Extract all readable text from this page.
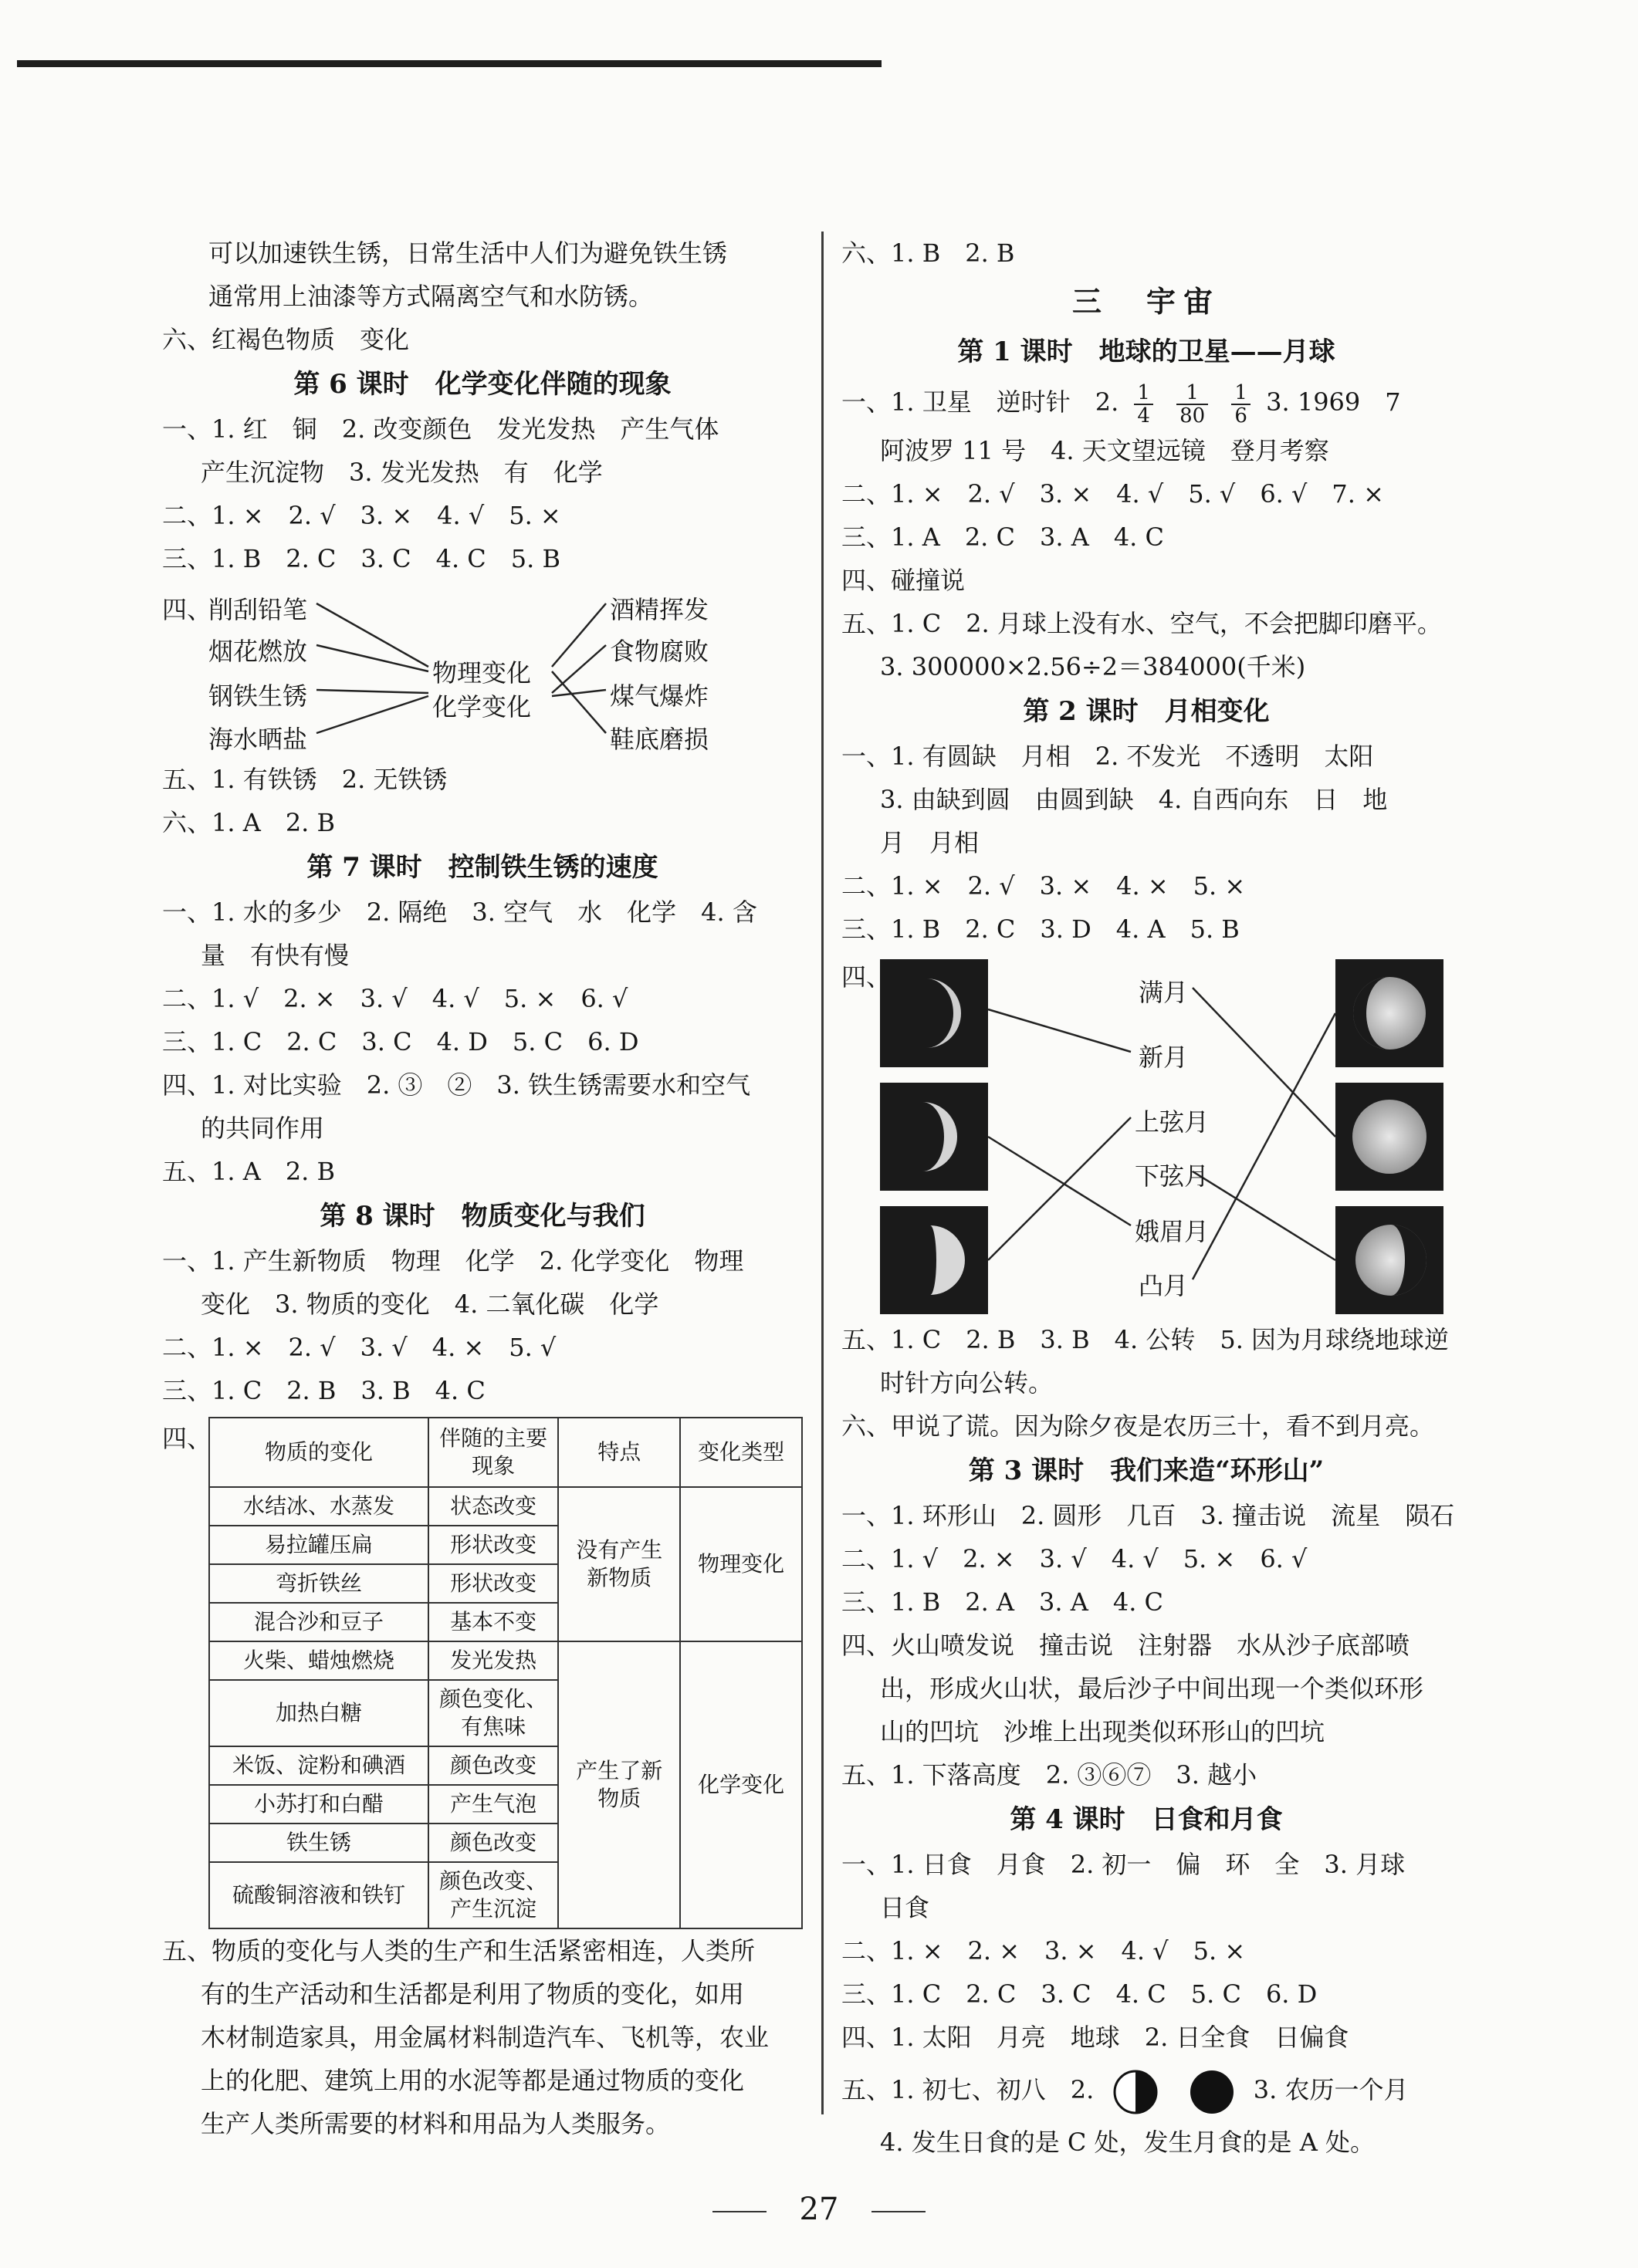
可以加速铁生锈，日常生活中人们为避免铁生锈
通常用上油漆等方式隔离空气和水防锈。
六、红褐色物质　变化
第 6 课时　化学变化伴随的现象
一、1. 红　铜　2. 改变颜色　发光发热　产生气体
产生沉淀物　3. 发光发热　有　化学
二、1. ×　2. √　3. ×　4. √　5. ×
三、1. B　2. C　3. C　4. C　5. B
四、
削刮铅笔
烟花燃放
钢铁生锈
海水晒盐
物理变化
化学变化
酒精挥发
食物腐败
煤气爆炸
鞋底磨损
五、1. 有铁锈　2. 无铁锈
六、1. A　2. B
第 7 课时　控制铁生锈的速度
一、1. 水的多少　2. 隔绝　3. 空气　水　化学　4. 含
量　有快有慢
二、1. √　2. ×　3. √　4. √　5. ×　6. √
三、1. C　2. C　3. C　4. D　5. C　6. D
四、1. 对比实验　2. ③　②　3. 铁生锈需要水和空气
的共同作用
五、1. A　2. B
第 8 课时　物质变化与我们
一、1. 产生新物质　物理　化学　2. 化学变化　物理
变化　3. 物质的变化　4. 二氧化碳　化学
二、1. ×　2. √　3. √　4. ×　5. √
三、1. C　2. B　3. B　4. C
四、 物质的变化	伴随的主要现象	特点	变化类型
水结冰、水蒸发	状态改变	没有产生新物质	物理变化
易拉罐压扁	形状改变		
弯折铁丝	形状改变		
混合沙和豆子	基本不变		
火柴、蜡烛燃烧	发光发热	产生了新物质	化学变化
加热白糖	颜色变化、有焦味		
米饭、淀粉和碘酒	颜色改变		
小苏打和白醋	产生气泡		
铁生锈	颜色改变		
硫酸铜溶液和铁钉	颜色改变、产生沉淀		
五、物质的变化与人类的生产和生活紧密相连，人类所
有的生产活动和生活都是利用了物质的变化，如用
木材制造家具，用金属材料制造汽车、飞机等，农业
上的化肥、建筑上用的水泥等都是通过物质的变化
生产人类所需要的材料和用品为人类服务。
六、1. B　2. B
三　宇宙
第 1 课时　地球的卫星——月球
一、1. 卫星　逆时针　2. $\frac{1}{4}$
$\frac{1}{80}$
$\frac{1}{6} 3$. 1969　7
阿波罗 11 号　4. 天文望远镜　登月考察
二、1. ×　2. √　3. ×　4. √　5. √　6. √　7. ×
三、1. A　2. C　3. A　4. C
四、碰撞说
五、1. C　2. 月球上没有水、空气，不会把脚印磨平。
3. 300000×2.56÷2＝384000(千米)
第 2 课时　月相变化
一、1. 有圆缺　月相　2. 不发光　不透明　太阳
3. 由缺到圆　由圆到缺　4. 自西向东　日　地
月　月相
二、1. ×　2. √　3. ×　4. ×　5. ×
三、1. B　2. C　3. D　4. A　5. B
四、
满月
新月
上弦月
下弦月
娥眉月
凸月
五、1. C　2. B　3. B　4. 公转　5. 因为月球绕地球逆
时针方向公转。
六、甲说了谎。因为除夕夜是农历三十，看不到月亮。
第 3 课时　我们来造“环形山”
一、1. 环形山　2. 圆形　几百　3. 撞击说　流星　陨石
二、1. √　2. ×　3. √　4. √　5. ×　6. √
三、1. B　2. A　3. A　4. C
四、火山喷发说　撞击说　注射器　水从沙子底部喷
出，形成火山状，最后沙子中间出现一个类似环形
山的凹坑　沙堆上出现类似环形山的凹坑
五、1. 下落高度　2. ③⑥⑦　3. 越小
第 4 课时　日食和月食
一、1. 日食　月食　2. 初一　偏　环　全　3. 月球
日食
二、1. ×　2. ×　3. ×　4. √　5. ×
三、1. C　2. C　3. C　4. C　5. C　6. D
四、1. 太阳　月亮　地球　2. 日全食　日偏食
五、1. 初七、初八　2.	3. 农历一个月
4. 发生日食的是 C 处，发生月食的是 A 处。
27
